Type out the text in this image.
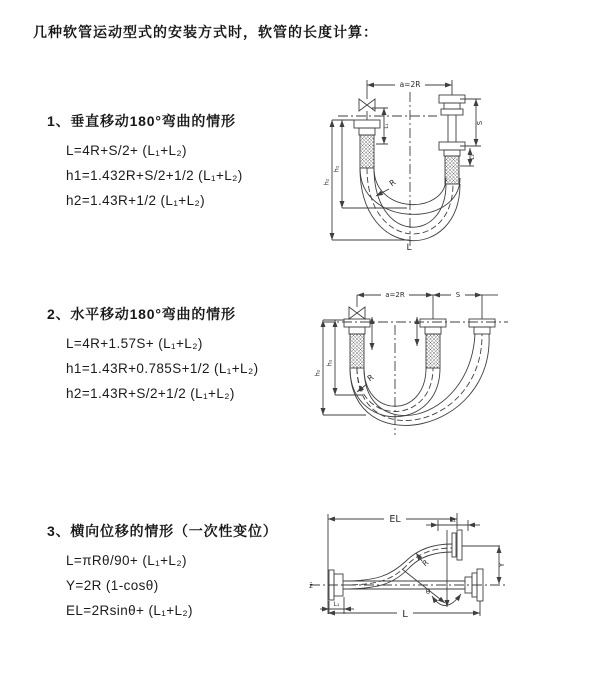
几种软管运动型式的安装方式时，软管的长度计算：
1、垂直移动180°弯曲的情形
L=4R+S/2+ (L₁+L₂)
h1=1.432R+S/2+1/2 (L₁+L₂)
h2=1.43R+1/2 (L₁+L₂)
2、水平移动180°弯曲的情形
L=4R+1.57S+ (L₁+L₂)
h1=1.43R+0.785S+1/2 (L₁+L₂)
h2=1.43R+S/2+1/2 (L₁+L₂)
3、横向位移的情形（一次性变位）
L=πRθ/90+ (L₁+L₂)
Y=2R (1-cosθ)
EL=2Rsinθ+ (L₁+L₂)
a=2R
S
L₁
L₁
h₂
h₁
R
L
a=2R	S
h₂
h₁
R
EL	L₁
Y
z̄
L₁
L
θ
R
